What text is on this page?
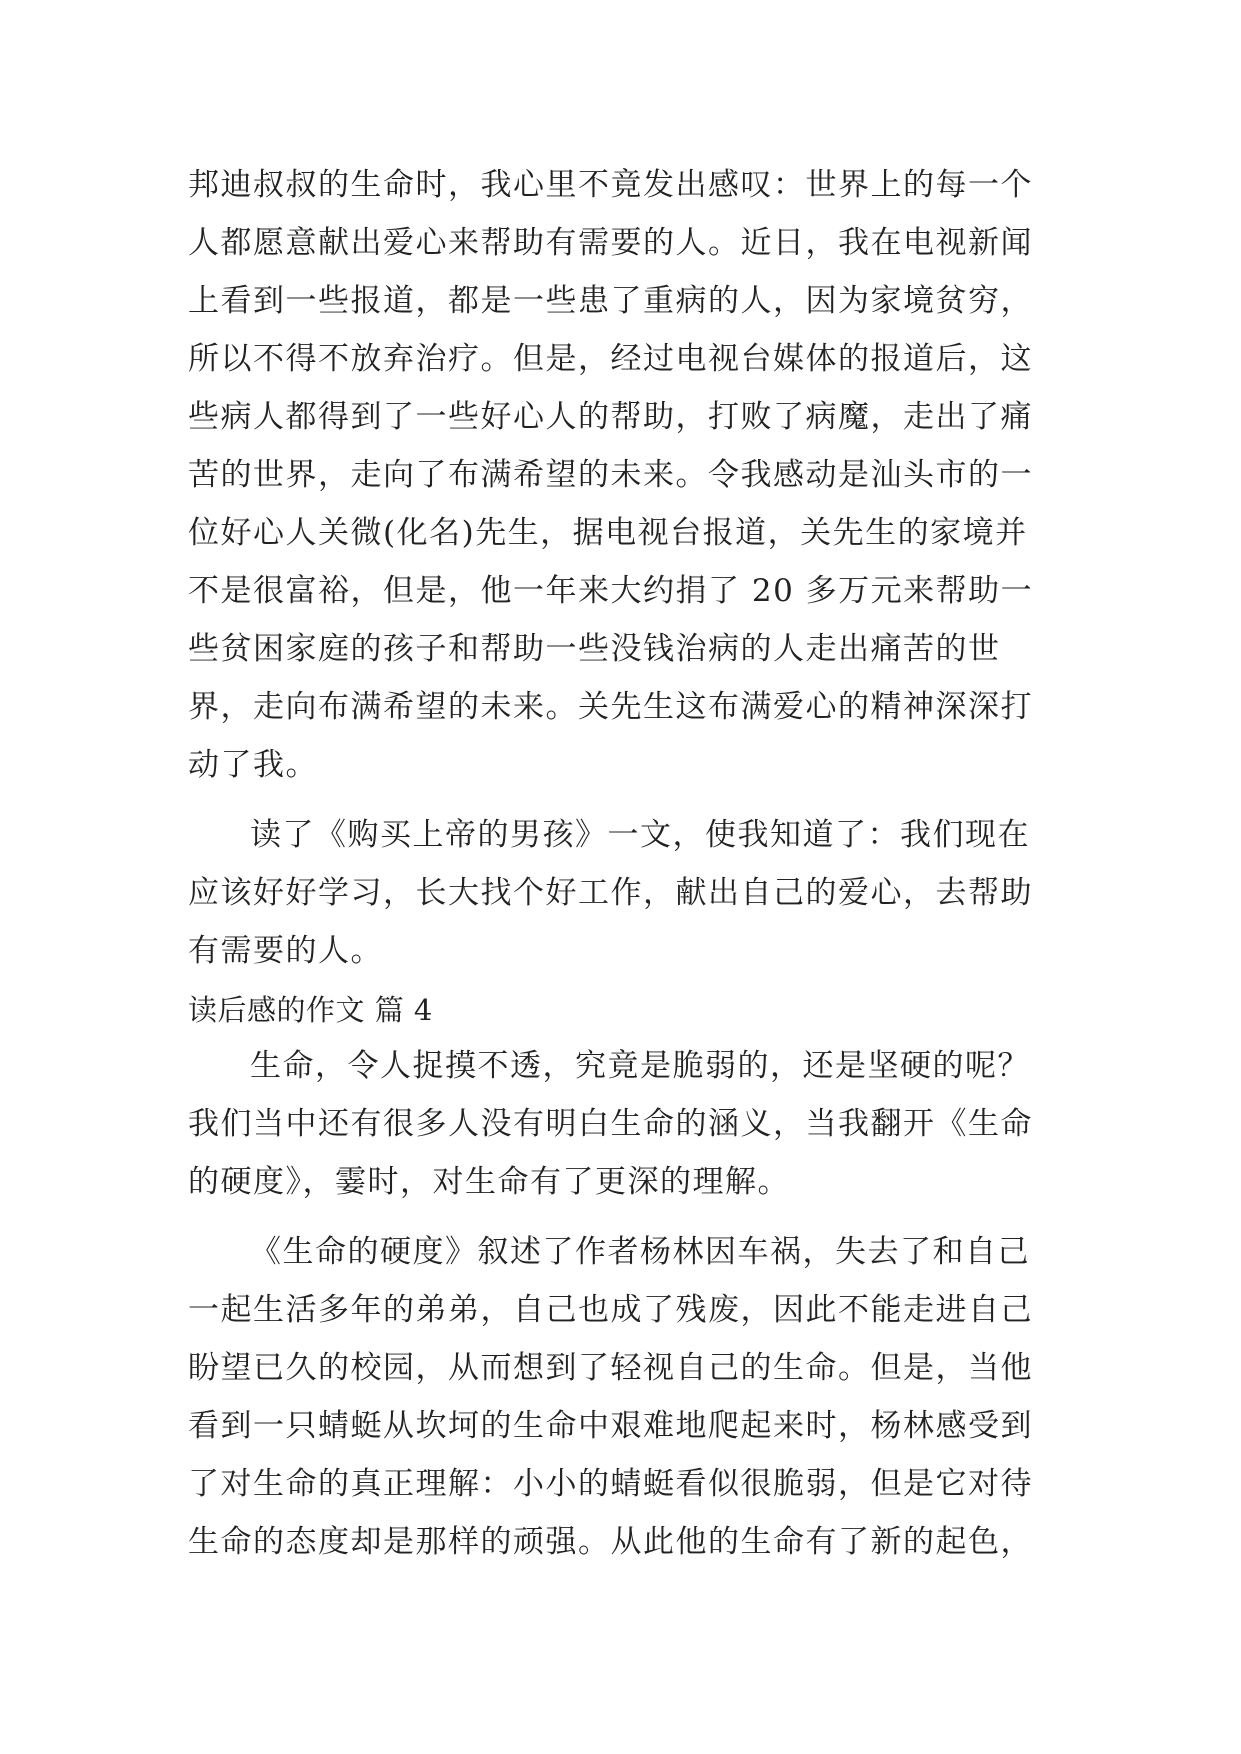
邦迪叔叔的生命时，我心里不竟发出感叹：世界上的每一个
人都愿意献出爱心来帮助有需要的人。近日，我在电视新闻
上看到一些报道，都是一些患了重病的人，因为家境贫穷，
所以不得不放弃治疗。但是，经过电视台媒体的报道后，这
些病人都得到了一些好心人的帮助，打败了病魔，走出了痛
苦的世界，走向了布满希望的未来。令我感动是汕头市的一
位好心人关微(化名)先生，据电视台报道，关先生的家境并
不是很富裕，但是，他一年来大约捐了 20 多万元来帮助一
些贫困家庭的孩子和帮助一些没钱治病的人走出痛苦的世
界，走向布满希望的未来。关先生这布满爱心的精神深深打
动了我。
读了《购买上帝的男孩》一文，使我知道了：我们现在
应该好好学习，长大找个好工作，献出自己的爱心，去帮助
有需要的人。
读后感的作文 篇 4
生命，令人捉摸不透，究竟是脆弱的，还是坚硬的呢？
我们当中还有很多人没有明白生命的涵义，当我翻开《生命
的硬度》，霎时，对生命有了更深的理解。
《生命的硬度》叙述了作者杨林因车祸，失去了和自己
一起生活多年的弟弟，自己也成了残废，因此不能走进自己
盼望已久的校园，从而想到了轻视自己的生命。但是，当他
看到一只蜻蜓从坎坷的生命中艰难地爬起来时，杨林感受到
了对生命的真正理解：小小的蜻蜓看似很脆弱，但是它对待
生命的态度却是那样的顽强。从此他的生命有了新的起色，
